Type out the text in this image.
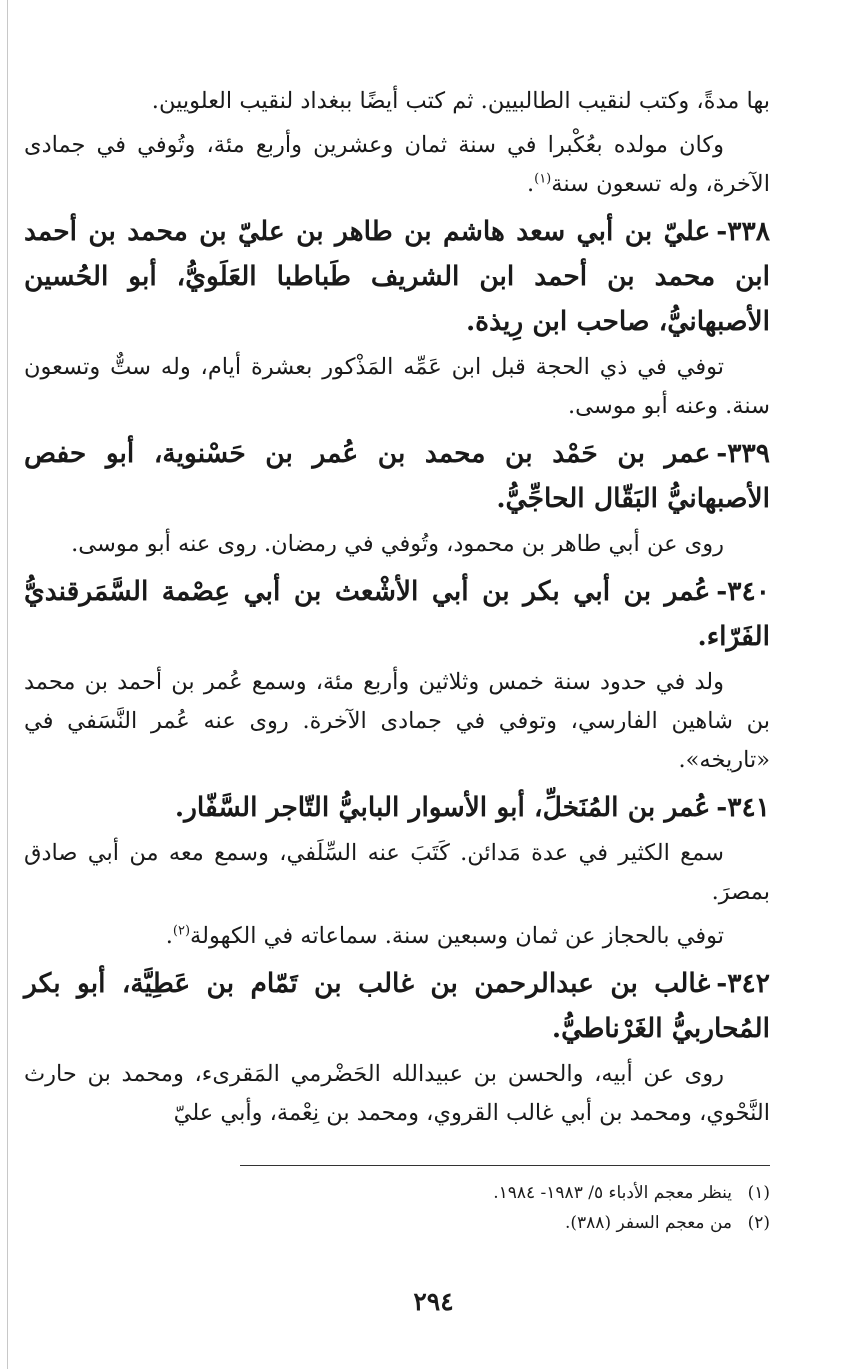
بها مدةً، وكتب لنقيب الطالبيين. ثم كتب أيضًا ببغداد لنقيب العلويين.
وكان مولده بعُكْبرا في سنة ثمان وعشرين وأربع مئة، وتُوفي في جمادى الآخرة، وله تسعون سنة$^{(١)}$.
٣٣٨-عليّ بن أبي سعد هاشم بن طاهر بن عليّ بن محمد بن أحمد ابن محمد بن أحمد ابن الشريف طَباطبا العَلَويُّ، أبو الحُسين الأصبهانيُّ، صاحب ابن رِيذة.
توفي في ذي الحجة قبل ابن عَمِّه المَذْكور بعشرة أيام، وله ستٌّ وتسعون سنة. وعنه أبو موسى.
٣٣٩-عمر بن حَمْد بن محمد بن عُمر بن حَسْنوية، أبو حفص الأصبهانيُّ البَقّال الحاجِّيُّ.
روى عن أبي طاهر بن محمود، وتُوفي في رمضان. روى عنه أبو موسى.
٣٤٠-عُمر بن أبي بكر بن أبي الأشْعث بن أبي عِصْمة السَّمَرقنديُّ الفَرّاء.
ولد في حدود سنة خمس وثلاثين وأربع مئة، وسمع عُمر بن أحمد بن محمد بن شاهين الفارسي، وتوفي في جمادى الآخرة. روى عنه عُمر النَّسَفي في «تاريخه».
٣٤١-عُمر بن المُنَخلِّ، أبو الأسوار البابيُّ التّاجر السَّفّار.
سمع الكثير في عدة مَدائن. كَتَبَ عنه السِّلَفي، وسمع معه من أبي صادق بمصرَ.
توفي بالحجاز عن ثمان وسبعين سنة. سماعاته في الكهولة$^{(٢)}$.
٣٤٢-غالب بن عبدالرحمن بن غالب بن تَمّام بن عَطِيَّة، أبو بكر المُحاربيُّ الغَرْناطيُّ.
روى عن أبيه، والحسن بن عبيدالله الحَضْرمي المَقرىء، ومحمد بن حارث النَّحْوي، ومحمد بن أبي غالب القروي، ومحمد بن نِعْمة، وأبي عليّ

(١)ينظر معجم الأدباء ٥/ ١٩٨٣- ١٩٨٤.

(٢)من معجم السفر (٣٨٨).

٢٩٤
